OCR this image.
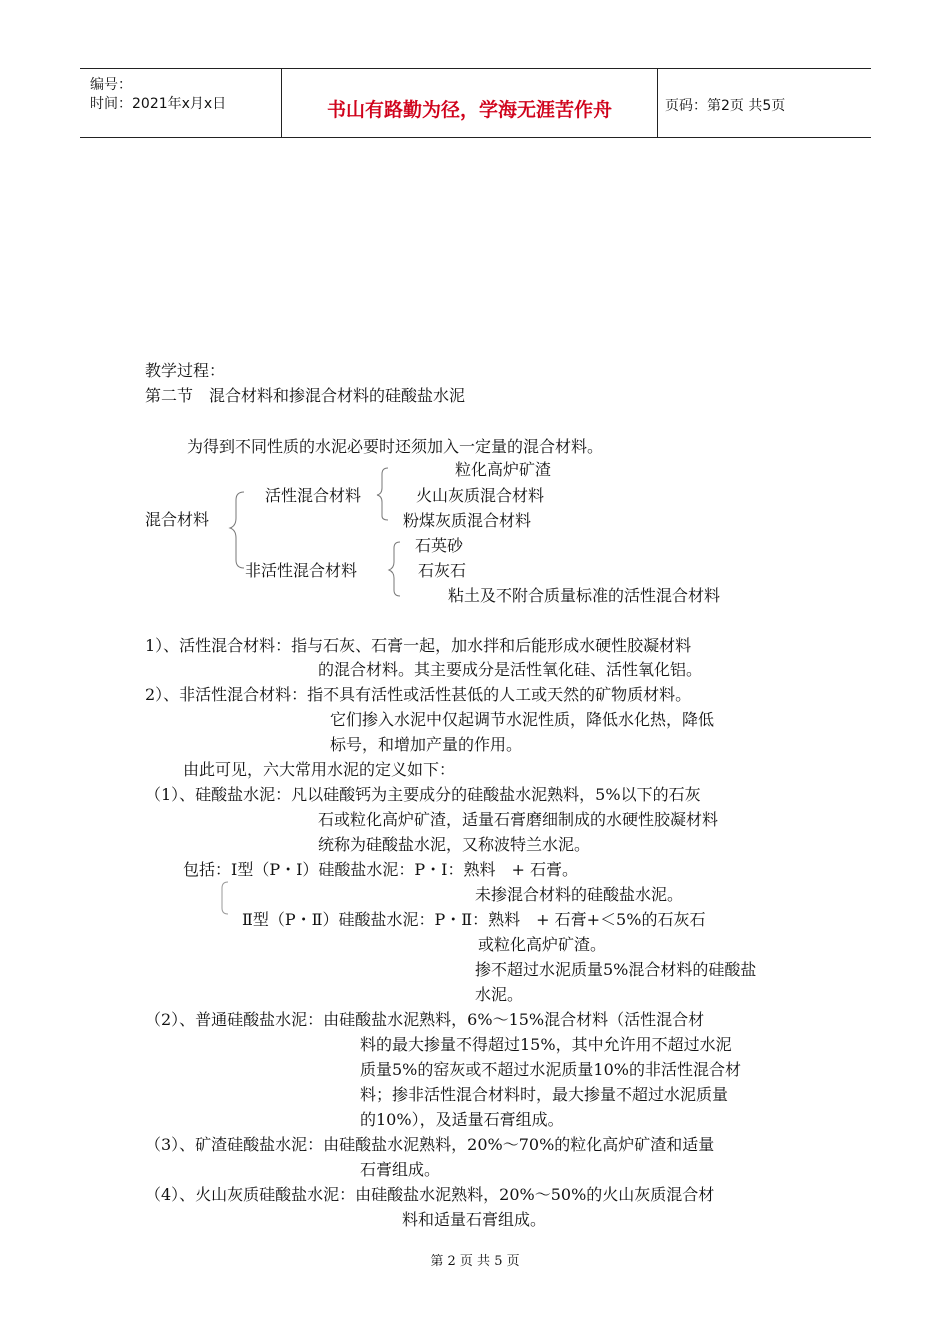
编号：
时间：2021年x月x日	书山有路勤为径，学海无涯苦作舟	页码：第2页 共5页
教学过程：
第二节　混合材料和掺混合材料的硅酸盐水泥
为得到不同性质的水泥必要时还须加入一定量的混合材料。
混合材料
活性混合材料
粒化高炉矿渣
火山灰质混合材料
粉煤灰质混合材料
非活性混合材料
石英砂
石灰石
粘土及不附合质量标准的活性混合材料
1）、活性混合材料：指与石灰、石膏一起，加水拌和后能形成水硬性胶凝材料
的混合材料。其主要成分是活性氧化硅、活性氧化铝。
2）、非活性混合材料：指不具有活性或活性甚低的人工或天然的矿物质材料。
它们掺入水泥中仅起调节水泥性质，降低水化热，降低
标号，和增加产量的作用。
由此可见，六大常用水泥的定义如下：
（1）、硅酸盐水泥：凡以硅酸钙为主要成分的硅酸盐水泥熟料，5%以下的石灰
石或粒化高炉矿渣，适量石膏磨细制成的水硬性胶凝材料
统称为硅酸盐水泥，又称波特兰水泥。
包括：Ⅰ型（P・Ⅰ）硅酸盐水泥：P・Ⅰ：熟料　+ 石膏。
未掺混合材料的硅酸盐水泥。
Ⅱ型（P・Ⅱ）硅酸盐水泥：P・Ⅱ：熟料　+ 石膏+＜5%的石灰石
或粒化高炉矿渣。
掺不超过水泥质量5%混合材料的硅酸盐
水泥。
（2）、普通硅酸盐水泥：由硅酸盐水泥熟料，6%～15%混合材料（活性混合材
料的最大掺量不得超过15%，其中允许用不超过水泥
质量5%的窑灰或不超过水泥质量10%的非活性混合材
料；掺非活性混合材料时，最大掺量不超过水泥质量
的10%），及适量石膏组成。
（3）、矿渣硅酸盐水泥：由硅酸盐水泥熟料，20%～70%的粒化高炉矿渣和适量
石膏组成。
（4）、火山灰质硅酸盐水泥：由硅酸盐水泥熟料，20%～50%的火山灰质混合材
料和适量石膏组成。
第 2 页 共 5 页
